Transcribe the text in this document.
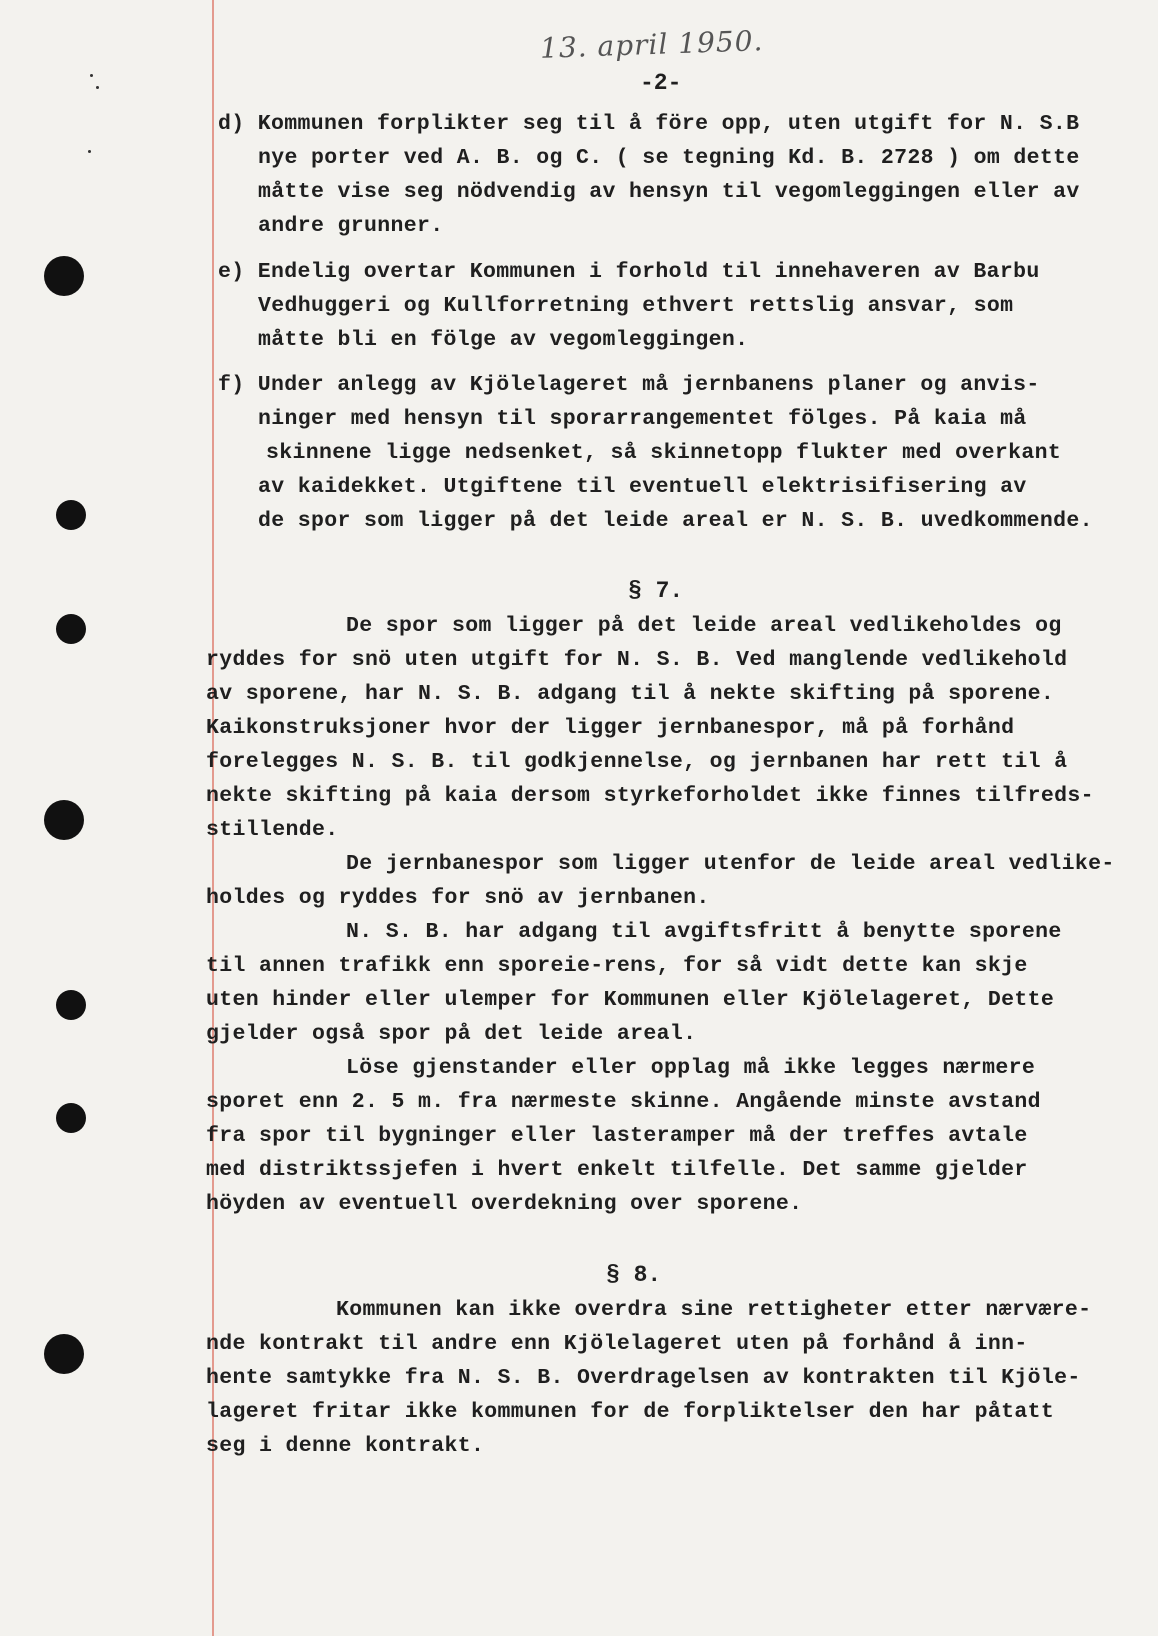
13. april 1950.
-2-
d) Kommunen forplikter seg til å före opp, uten utgift for N. S.B
nye porter ved A. B. og C. ( se tegning Kd. B. 2728 ) om dette
måtte vise seg nödvendig av hensyn til vegomleggingen eller av
andre grunner.
e) Endelig overtar Kommunen i forhold til innehaveren av Barbu
Vedhuggeri og Kullforretning ethvert rettslig ansvar, som
måtte bli en fölge av vegomleggingen.
f) Under anlegg av Kjölelageret må jernbanens planer og anvis-
ninger med hensyn til sporarrangementet fölges. På kaia må
skinnene ligge nedsenket, så skinnetopp flukter med overkant
av kaidekket. Utgiftene til eventuell elektrisifisering av
de spor som ligger på det leide areal er N. S. B. uvedkommende.
§ 7.
De spor som ligger på det leide areal vedlikeholdes og
ryddes for snö uten utgift for N. S. B. Ved manglende vedlikehold
av sporene, har N. S. B. adgang til å nekte skifting på sporene.
Kaikonstruksjoner hvor der ligger jernbanespor, må på forhånd
forelegges N. S. B. til godkjennelse, og jernbanen har rett til å
nekte skifting på kaia dersom styrkeforholdet ikke finnes tilfreds-
stillende.
De jernbanespor som ligger utenfor de leide areal vedlike-
holdes og ryddes for snö av jernbanen.
N. S. B. har adgang til avgiftsfritt å benytte sporene
til annen trafikk enn sporeie-rens, for så vidt dette kan skje
uten hinder eller ulemper for Kommunen eller Kjölelageret, Dette
gjelder også spor på det leide areal.
Löse gjenstander eller opplag må ikke legges nærmere
sporet enn 2. 5 m. fra nærmeste skinne. Angående minste avstand
fra spor til bygninger eller lasteramper må der treffes avtale
med distriktssjefen i hvert enkelt tilfelle. Det samme gjelder
höyden av eventuell overdekning over sporene.
§ 8.
Kommunen kan ikke overdra sine rettigheter etter nærvære-
nde kontrakt til andre enn Kjölelageret uten på forhånd å inn-
hente samtykke fra N. S. B. Overdragelsen av kontrakten til Kjöle-
lageret fritar ikke kommunen for de forpliktelser den har påtatt
seg i denne kontrakt.
